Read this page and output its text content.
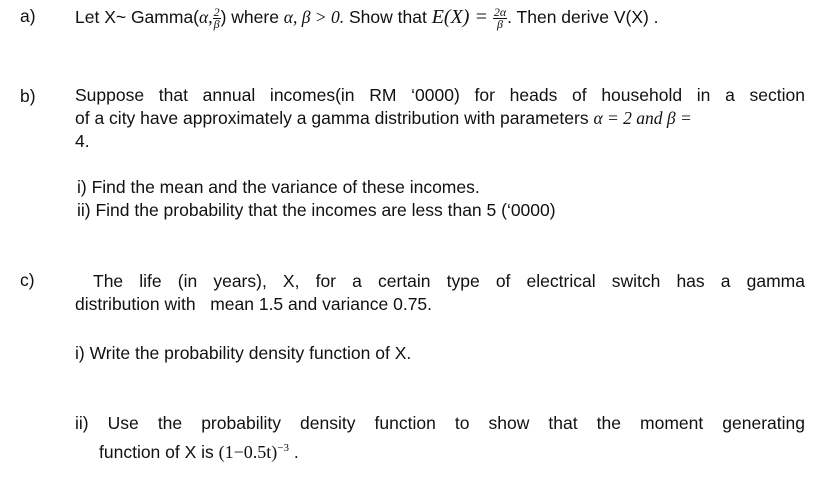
a) Let X~ Gamma(α, $\frac{2}{\beta}$ ) where α, β > 0. Show that $E(X) = \frac{2\alpha}{\beta}$ . Then derive V(X) .
b) Suppose that annual incomes(in RM ‘0000) for heads of household in a section
of a city have approximately a gamma distribution with parameters α = 2 and β =
4.
i) Find the mean and the variance of these incomes.
ii) Find the probability that the incomes are less than 5 (‘0000)
c)	The life (in years), X, for a certain type of electrical switch has a gamma
distribution with   mean 1.5 and variance 0.75.
i) Write the probability density function of X.
ii) Use the probability density function to show that the moment generating
function of X is $(1-0.5t)^{-3}$ .
